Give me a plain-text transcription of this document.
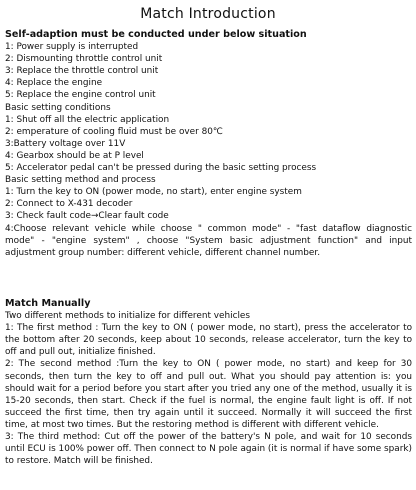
Match Introduction

Self-adaption must be conducted under below situation

1: Power supply is interrupted

2: Dismounting throttle control unit

3: Replace the throttle control unit

4: Replace the engine

5: Replace the engine control unit

Basic setting conditions

1: Shut off all the electric application

2: emperature of cooling fluid must be over 80℃

3:Battery voltage over 11V

4: Gearbox should be at P level

5: Accelerator pedal can't be pressed during the basic setting process

Basic setting method and process

1: Turn the key to ON (power mode, no start), enter engine system

2: Connect to X-431 decoder

3: Check fault code→Clear fault code

4:Choose relevant vehicle while choose " common mode" - "fast dataflow diagnostic mode" - "engine system" , choose "System basic adjustment function" and input adjustment group number: different vehicle, different channel number.

Match Manually

Two different methods to initialize for different vehicles

1: The first method : Turn the key to ON ( power mode, no start), press the accelerator to the bottom after 20 seconds, keep about 10 seconds, release accelerator, turn the key to off and pull out, initialize finished.

2: The second method :Turn the key to ON ( power mode, no start) and keep for 30 seconds, then turn the key to off and pull out. What you should pay attention is: you should wait for a period before you start after you tried any one of the method, usually it is 15-20 seconds, then start. Check if the fuel is normal, the engine fault light is off. If not succeed the first time, then try again until it succeed. Normally it will succeed the first time, at most two times. But the restoring method is different with different vehicle.

3: The third method: Cut off the power of the battery's N pole, and wait for 10 seconds until ECU is 100% power off. Then connect to N pole again (it is normal if have some spark) to restore. Match will be finished.
